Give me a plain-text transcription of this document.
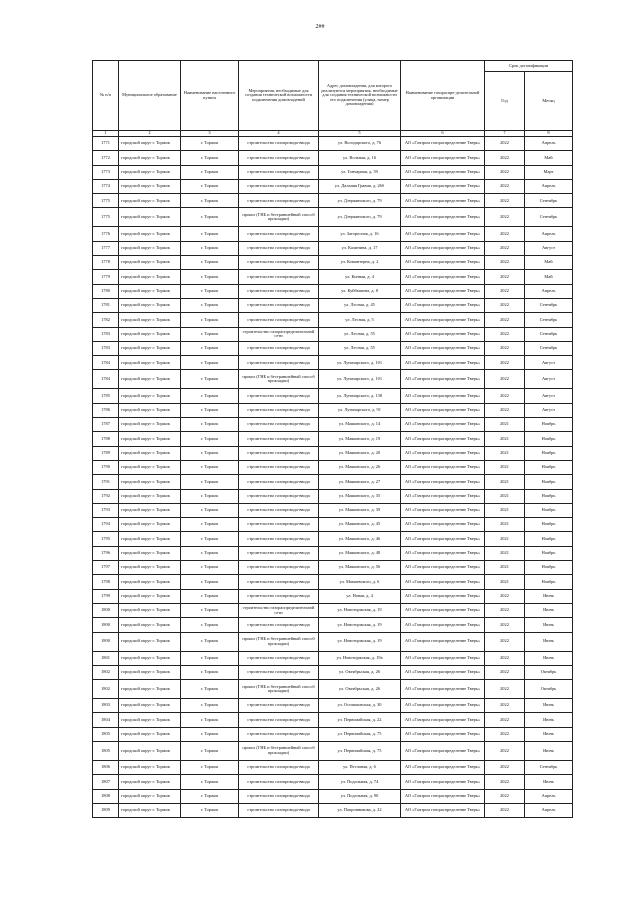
2##
№ п/п	Муниципальное образование	Наименование населенного пункта	Мероприятия, необходимые для создания технической возможности подключения домовладений	Адрес домовладения, для которого реализуются мероприятия, необходимые для создания технической возможности его подключения (улица, номер домовладения)	Наименование газораспре-делительной организации	Срок догазификации	
						Год	Месяц
1	2	3	4	5	6	7	8
1771	городской округ г. Торжок	г. Торжок	строительство газопровода-ввода	ул. Володарского, д. 76	АО «Газпром газораспределение Тверь»	2022	Апрель
1772	городской округ г. Торжок	г. Торжок	строительство газопровода-ввода	ул. Вольная, д. 16	АО «Газпром газораспределение Тверь»	2022	Май
1773	городской округ г. Торжок	г. Торжок	строительство газопровода-ввода	ул. Гончарная, д. 59	АО «Газпром газораспределение Тверь»	2022	Март
1774	городской округ г. Торжок	г. Торжок	строительство газопровода-ввода	ул. Дальняя Гравия, д. 26б	АО «Газпром газораспределение Тверь»	2022	Апрель
1775	городской округ г. Торжок	г. Торжок	строительство газопровода-ввода	ул. Дзержинского, д. 79	АО «Газпром газораспределение Тверь»	2022	Сентябрь
1775	городской округ г. Торжок	г. Торжок	прокол (ГНБ и бестраншейный способ прокладки)	ул. Дзержинского, д. 79	АО «Газпром газораспределение Тверь»	2022	Сентябрь
1776	городской округ г. Торжок	г. Торжок	строительство газопровода-ввода	ул. Заторосная, д. 16	АО «Газпром газораспределение Тверь»	2022	Апрель
1777	городской округ г. Торжок	г. Торжок	строительство газопровода-ввода	ул. Калинина, д. 17	АО «Газпром газораспределение Тверь»	2022	Август
1778	городской округ г. Торжок	г. Торжок	строительство газопровода-ввода	ул. Коминтерна, д. 2	АО «Газпром газораспределение Тверь»	2022	Май
1779	городской округ г. Торжок	г. Торжок	строительство газопровода-ввода	ул. Конная, д. 4	АО «Газпром газораспределение Тверь»	2022	Май
1780	городской округ г. Торжок	г. Торжок	строительство газопровода-ввода	ул. Куйбышева, д. 8	АО «Газпром газораспределение Тверь»	2022	Апрель
1781	городской округ г. Торжок	г. Торжок	строительство газопровода-ввода	ул. Лесная, д. 45	АО «Газпром газораспределение Тверь»	2022	Сентябрь
1782	городской округ г. Торжок	г. Торжок	строительство газопровода-ввода	ул. Лесная, д. 5	АО «Газпром газораспределение Тверь»	2022	Сентябрь
1783	городской округ г. Торжок	г. Торжок	строительство газораспределительной сети	ул. Лесная, д. 55	АО «Газпром газораспределение Тверь»	2022	Сентябрь
1783	городской округ г. Торжок	г. Торжок	строительство газопровода-ввода	ул. Лесная, д. 55	АО «Газпром газораспределение Тверь»	2022	Сентябрь
1784	городской округ г. Торжок	г. Торжок	строительство газопровода-ввода	ул. Луначарского, д. 101	АО «Газпром газораспределение Тверь»	2022	Август
1784	городской округ г. Торжок	г. Торжок	прокол (ГНБ и бестраншейный способ прокладки)	ул. Луначарского, д. 101	АО «Газпром газораспределение Тверь»	2022	Август
1785	городской округ г. Торжок	г. Торжок	строительство газопровода-ввода	ул. Луначарского, д. 138	АО «Газпром газораспределение Тверь»	2022	Август
1786	городской округ г. Торжок	г. Торжок	строительство газопровода-ввода	ул. Луначарского, д. 91	АО «Газпром газораспределение Тверь»	2022	Август
1787	городской округ г. Торжок	г. Торжок	строительство газопровода-ввода	ул. Маяковского, д. 14	АО «Газпром газораспределение Тверь»	2021	Ноябрь
1788	городской округ г. Торжок	г. Торжок	строительство газопровода-ввода	ул. Маяковского, д. 19	АО «Газпром газораспределение Тверь»	2021	Ноябрь
1789	городской округ г. Торжок	г. Торжок	строительство газопровода-ввода	ул. Маяковского, д. 20	АО «Газпром газораспределение Тверь»	2021	Ноябрь
1790	городской округ г. Торжок	г. Торжок	строительство газопровода-ввода	ул. Маяковского, д. 26	АО «Газпром газораспределение Тверь»	2021	Ноябрь
1791	городской округ г. Торжок	г. Торжок	строительство газопровода-ввода	ул. Маяковского, д. 27	АО «Газпром газораспределение Тверь»	2021	Ноябрь
1792	городской округ г. Торжок	г. Торжок	строительство газопровода-ввода	ул. Маяковского, д. 35	АО «Газпром газораспределение Тверь»	2021	Ноябрь
1793	городской округ г. Торжок	г. Торжок	строительство газопровода-ввода	ул. Маяковского, д. 39	АО «Газпром газораспределение Тверь»	2021	Ноябрь
1794	городской округ г. Торжок	г. Торжок	строительство газопровода-ввода	ул. Маяковского, д. 45	АО «Газпром газораспределение Тверь»	2021	Ноябрь
1795	городской округ г. Торжок	г. Торжок	строительство газопровода-ввода	ул. Маяковского, д. 46	АО «Газпром газораспределение Тверь»	2021	Ноябрь
1796	городской округ г. Торжок	г. Торжок	строительство газопровода-ввода	ул. Маяковского, д. 48	АО «Газпром газораспределение Тверь»	2021	Ноябрь
1797	городской округ г. Торжок	г. Торжок	строительство газопровода-ввода	ул. Маяковского, д. 56	АО «Газпром газораспределение Тверь»	2021	Ноябрь
1798	городской округ г. Торжок	г. Торжок	строительство газопровода-ввода	ул. Мамаевского, д. 6	АО «Газпром газораспределение Тверь»	2021	Ноябрь
1799	городской округ г. Торжок	г. Торжок	строительство газопровода-ввода	ул. Новая, д. 4	АО «Газпром газораспределение Тверь»	2022	Июнь
1800	городской округ г. Торжок	г. Торжок	строительство газораспределительной сети	ул. Новоторжская, д. 19	АО «Газпром газораспределение Тверь»	2022	Июнь
1800	городской округ г. Торжок	г. Торжок	строительство газопровода-ввода	ул. Новоторжская, д. 19	АО «Газпром газораспределение Тверь»	2022	Июнь
1800	городской округ г. Торжок	г. Торжок	прокол (ГНБ и бестраншейный способ прокладки)	ул. Новоторжская, д. 19	АО «Газпром газораспределение Тверь»	2022	Июнь
1801	городской округ г. Торжок	г. Торжок	строительство газопровода-ввода	ул. Новоторжская, д. 19а	АО «Газпром газораспределение Тверь»	2022	Июнь
1802	городской округ г. Торжок	г. Торжок	строительство газопровода-ввода	ул. Октябрьская, д. 26	АО «Газпром газораспределение Тверь»	2022	Октябрь
1802	городской округ г. Торжок	г. Торжок	прокол (ГНБ и бестраншейный способ прокладки)	ул. Октябрьская, д. 26	АО «Газпром газораспределение Тверь»	2022	Октябрь
1803	городской округ г. Торжок	г. Торжок	строительство газопровода-ввода	ул. Осташковская, д. 30	АО «Газпром газораспределение Тверь»	2022	Июнь
1804	городской округ г. Торжок	г. Торжок	строительство газопровода-ввода	ул. Первомайская, д. 22	АО «Газпром газораспределение Тверь»	2022	Июнь
1805	городской округ г. Торжок	г. Торжок	строительство газопровода-ввода	ул. Первомайская, д. 75	АО «Газпром газораспределение Тверь»	2022	Июнь
1805	городской округ г. Торжок	г. Торжок	прокол (ГНБ и бестраншейный способ прокладки)	ул. Первомайская, д. 75	АО «Газпром газораспределение Тверь»	2022	Июнь
1806	городской округ г. Торжок	г. Торжок	строительство газопровода-ввода	ул. Песчаная, д. 6	АО «Газпром газораспределение Тверь»	2022	Сентябрь
1807	городской округ г. Торжок	г. Торжок	строительство газопровода-ввода	ул. Подольная, д. 74	АО «Газпром газораспределение Тверь»	2022	Июнь
1808	городской округ г. Торжок	г. Торжок	строительство газопровода-ввода	ул. Подольная, д. 90	АО «Газпром газораспределение Тверь»	2022	Апрель
1809	городской округ г. Торжок	г. Торжок	строительство газопровода-ввода	ул. Покровникова, д. 22	АО «Газпром газораспределение Тверь»	2022	Апрель
